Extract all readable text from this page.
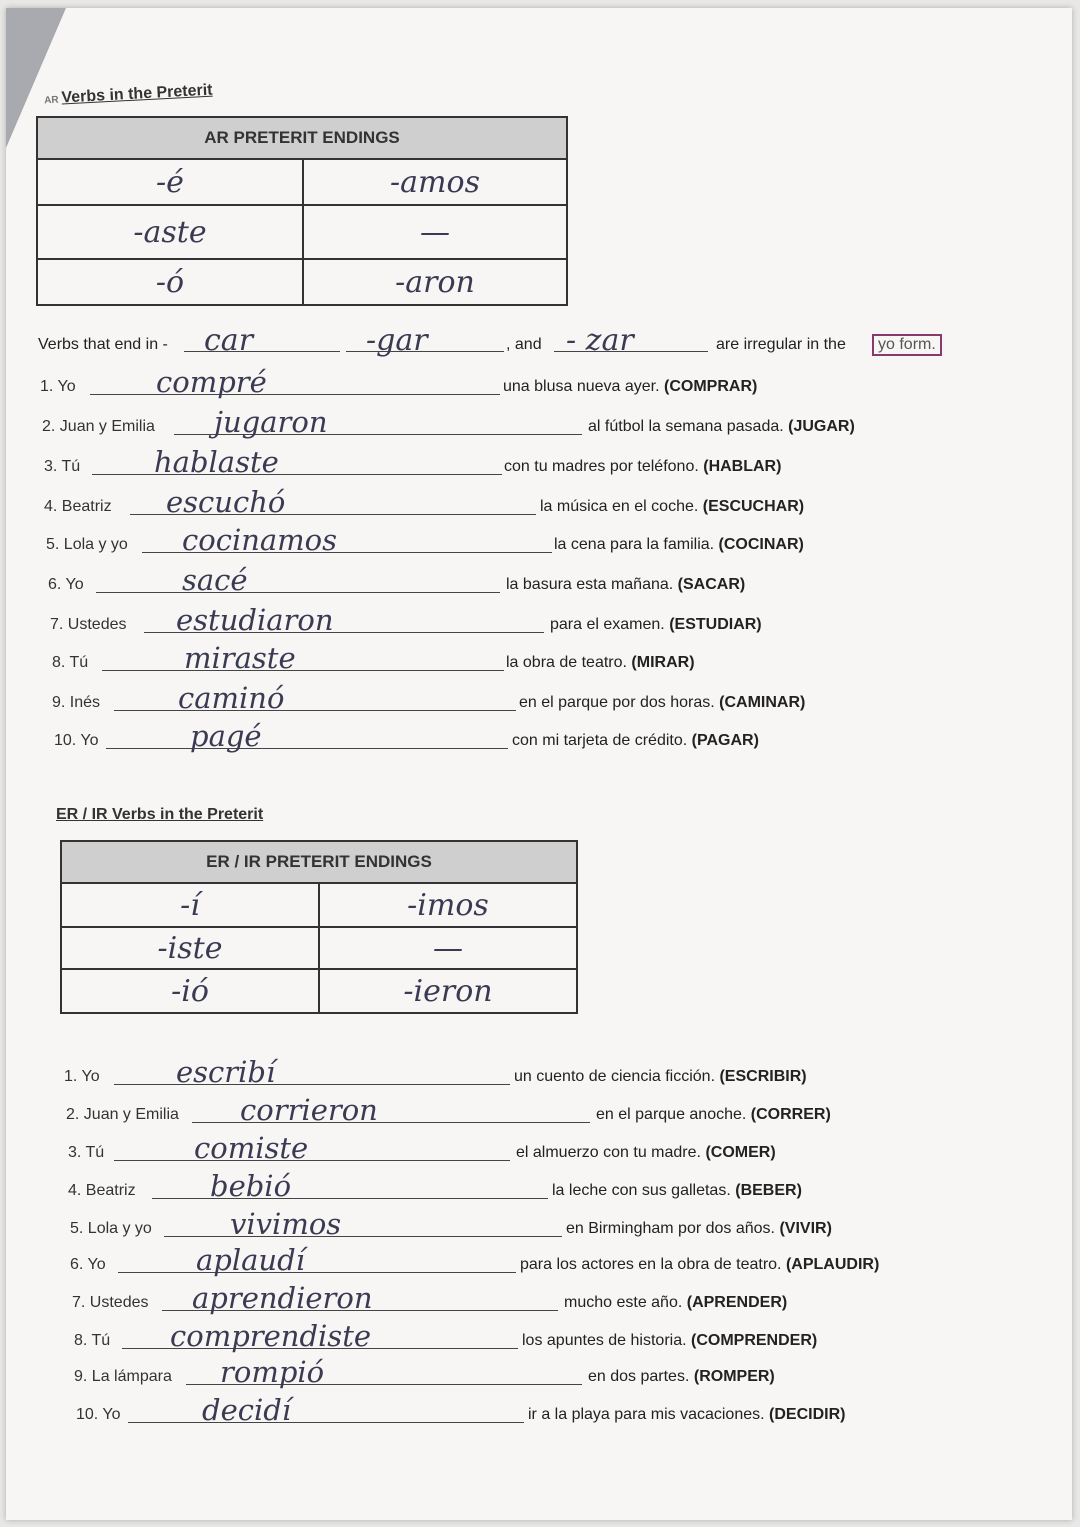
AR Verbs in the Preterit
AR PRETERIT ENDINGS	
-é	-amos
-aste	—
-ó	-aron
Verbs that end in - car	-gar	, and - zar	are irregular in the	yo form.
1. Yo	compré	una blusa nueva ayer. (COMPRAR)
2. Juan y Emilia jugaron	al fútbol la semana pasada. (JUGAR)
3. Tú	hablaste	con tu madres por teléfono. (HABLAR)
4. Beatriz escuchó	la música en el coche. (ESCUCHAR)
5. Lola y yo cocinamos	la cena para la familia. (COCINAR)
6. Yo	sacé	la basura esta mañana. (SACAR)
7. Ustedes estudiaron	para el examen. (ESTUDIAR)
8. Tú	miraste	la obra de teatro. (MIRAR)
9. Inés	caminó	en el parque por dos horas. (CAMINAR)
10. Yo	pagé	con mi tarjeta de crédito. (PAGAR)
ER / IR Verbs in the Preterit
ER / IR PRETERIT ENDINGS	
-í	-imos
-iste	—
-ió	-ieron
1. Yo	escribí	un cuento de ciencia ficción. (ESCRIBIR)
2. Juan y Emilia corrieron	en el parque anoche. (CORRER)
3. Tú	comiste	el almuerzo con tu madre. (COMER)
4. Beatriz	bebió	la leche con sus galletas. (BEBER)
5. Lola y yo	vivimos	en Birmingham por dos años. (VIVIR)
6. Yo	aplaudí	para los actores en la obra de teatro. (APLAUDIR)
7. Ustedes aprendieron	mucho este año. (APRENDER)
8. Tú comprendiste	los apuntes de historia. (COMPRENDER)
9. La lámpara rompió	en dos partes. (ROMPER)
10. Yo	decidí	ir a la playa para mis vacaciones. (DECIDIR)
